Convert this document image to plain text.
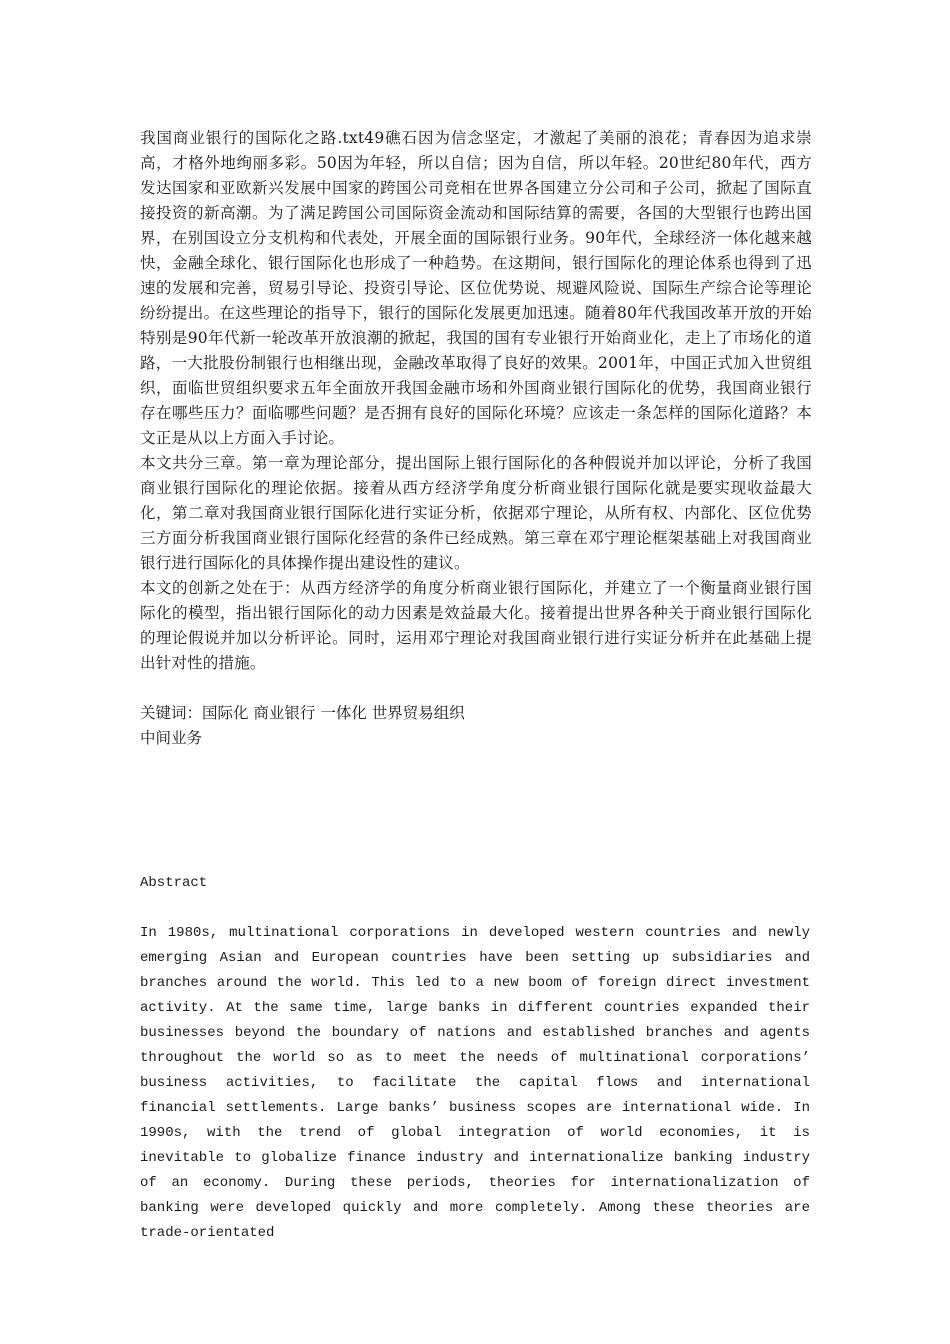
我国商业银行的国际化之路.txt49礁石因为信念坚定，才激起了美丽的浪花；青春因为追求崇高，才格外地绚丽多彩。50因为年轻，所以自信；因为自信，所以年轻。20世纪80年代，西方发达国家和亚欧新兴发展中国家的跨国公司竞相在世界各国建立分公司和子公司，掀起了国际直接投资的新高潮。为了满足跨国公司国际资金流动和国际结算的需要，各国的大型银行也跨出国界，在别国设立分支机构和代表处，开展全面的国际银行业务。90年代，全球经济一体化越来越快，金融全球化、银行国际化也形成了一种趋势。在这期间，银行国际化的理论体系也得到了迅速的发展和完善，贸易引导论、投资引导论、区位优势说、规避风险说、国际生产综合论等理论纷纷提出。在这些理论的指导下，银行的国际化发展更加迅速。随着80年代我国改革开放的开始特别是90年代新一轮改革开放浪潮的掀起，我国的国有专业银行开始商业化，走上了市场化的道路，一大批股份制银行也相继出现，金融改革取得了良好的效果。2001年，中国正式加入世贸组织，面临世贸组织要求五年全面放开我国金融市场和外国商业银行国际化的优势，我国商业银行存在哪些压力？面临哪些问题？是否拥有良好的国际化环境？应该走一条怎样的国际化道路？本文正是从以上方面入手讨论。

本文共分三章。第一章为理论部分，提出国际上银行国际化的各种假说并加以评论，分析了我国商业银行国际化的理论依据。接着从西方经济学角度分析商业银行国际化就是要实现收益最大化，第二章对我国商业银行国际化进行实证分析，依据邓宁理论，从所有权、内部化、区位优势三方面分析我国商业银行国际化经营的条件已经成熟。第三章在邓宁理论框架基础上对我国商业银行进行国际化的具体操作提出建设性的建议。

本文的创新之处在于：从西方经济学的角度分析商业银行国际化，并建立了一个衡量商业银行国际化的模型，指出银行国际化的动力因素是效益最大化。接着提出世界各种关于商业银行国际化的理论假说并加以分析评论。同时，运用邓宁理论对我国商业银行进行实证分析并在此基础上提出针对性的措施。

关键词：国际化 商业银行 一体化 世界贸易组织

中间业务

Abstract

In 1980s, multinational corporations in developed western countries and newly emerging Asian and European countries have been setting up subsidiaries and branches around the world. This led to a new boom of foreign direct investment activity. At the same time, large banks in different countries expanded their businesses beyond the boundary of nations and established branches and agents throughout the world so as to meet the needs of multinational corporations’ business activities, to facilitate the capital flows and international financial settlements. Large banks’ business scopes are international wide. In 1990s, with the trend of global integration of world economies, it is inevitable to globalize finance industry and internationalize banking industry of an economy. During these periods, theories for internationalization of banking were developed quickly and more completely. Among these theories are trade-orientated
